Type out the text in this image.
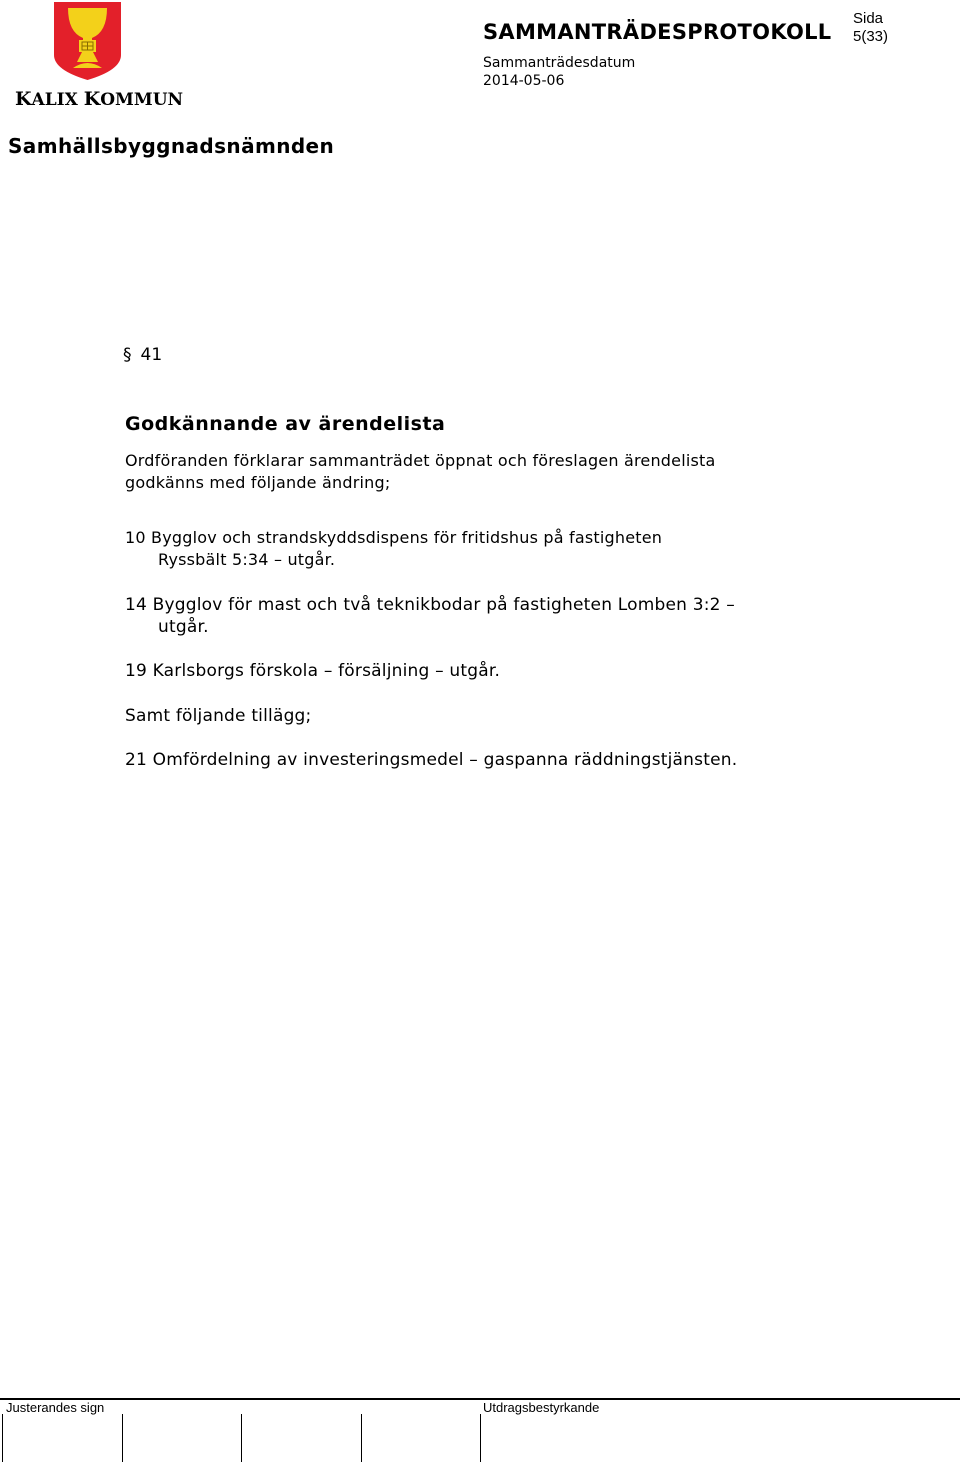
KALIX KOMMUN
SAMMANTRÄDESPROTOKOLL
Sida
5(33)
Sammanträdesdatum
2014-05-06
Samhällsbyggnadsnämnden
§ 41
Godkännande av ärendelista
Ordföranden förklarar sammanträdet öppnat och föreslagen ärendelista
godkänns med följande ändring;
10 Bygglov och strandskyddsdispens för fritidshus på fastigheten
Ryssbält 5:34 – utgår.
14 Bygglov för mast och två teknikbodar på fastigheten Lomben 3:2 –
utgår.
19 Karlsborgs förskola – försäljning – utgår.
Samt följande tillägg;
21 Omfördelning av investeringsmedel – gaspanna räddningstjänsten.
Justerandes sign	Utdragsbestyrkande
